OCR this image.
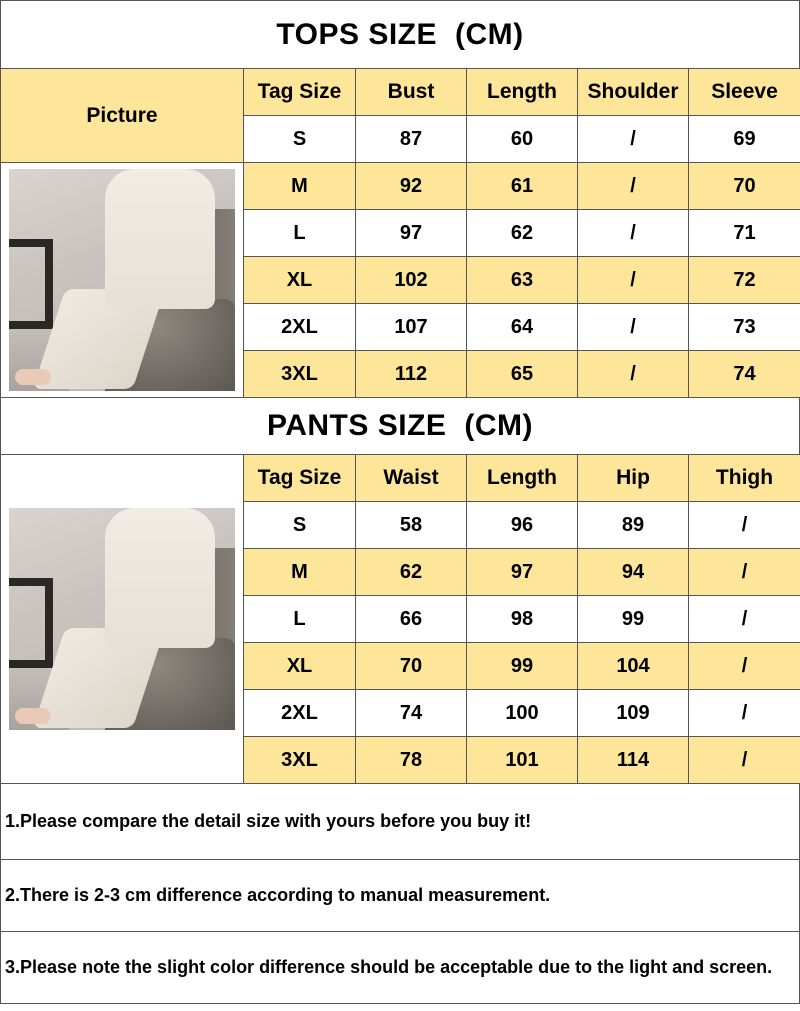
TOPS SIZE (CM)
Picture	Tag Size	Bust	Length	Shoulder	Sleeve
	S	87	60	/	69

	M	92	61	/	70
	L	97	62	/	71
	XL	102	63	/	72
	2XL	107	64	/	73
	3XL	112	65	/	74
PANTS SIZE (CM)
	Tag Size	Waist	Length	Hip	Thigh
	S	58	96	89	/
	M	62	97	94	/
	L	66	98	99	/
	XL	70	99	104	/
	2XL	74	100	109	/
	3XL	78	101	114	/
1.Please compare the detail size with yours before you buy it!
2.There is 2-3 cm difference according to manual measurement.
3.Please note the slight color difference should be acceptable due to the light and screen.
